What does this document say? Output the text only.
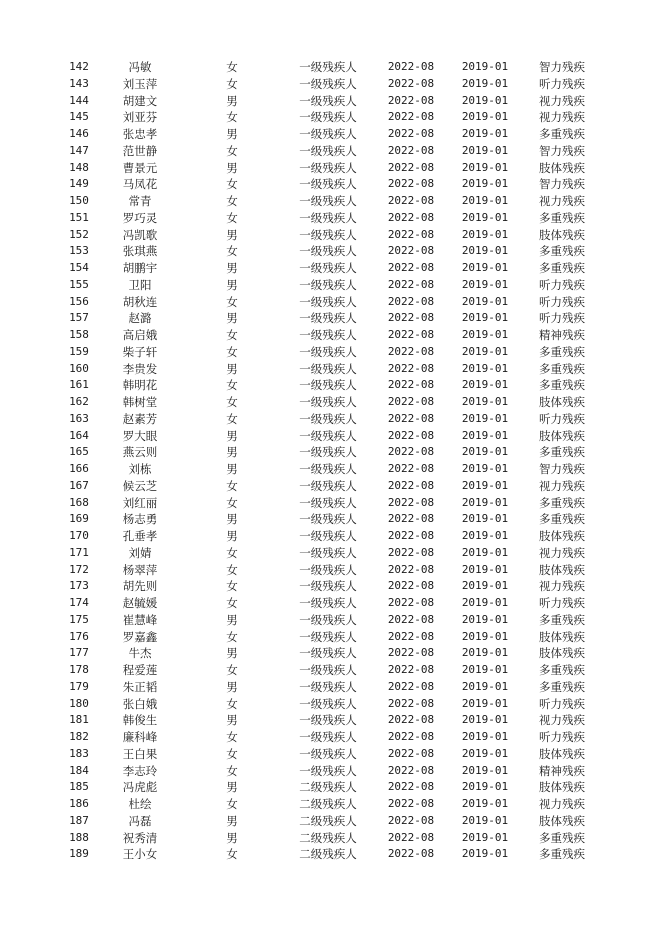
142	冯敏	女	一级残疾人	2022-08	2019-01	智力残疾
143	刘玉萍	女	一级残疾人	2022-08	2019-01	听力残疾
144	胡建文	男	一级残疾人	2022-08	2019-01	视力残疾
145	刘亚芬	女	一级残疾人	2022-08	2019-01	视力残疾
146	张忠孝	男	一级残疾人	2022-08	2019-01	多重残疾
147	范世静	女	一级残疾人	2022-08	2019-01	智力残疾
148	曹景元	男	一级残疾人	2022-08	2019-01	肢体残疾
149	马凤花	女	一级残疾人	2022-08	2019-01	智力残疾
150	常青	女	一级残疾人	2022-08	2019-01	视力残疾
151	罗巧灵	女	一级残疾人	2022-08	2019-01	多重残疾
152	冯凯歌	男	一级残疾人	2022-08	2019-01	肢体残疾
153	张琪燕	女	一级残疾人	2022-08	2019-01	多重残疾
154	胡鹏宇	男	一级残疾人	2022-08	2019-01	多重残疾
155	卫阳	男	一级残疾人	2022-08	2019-01	听力残疾
156	胡秋连	女	一级残疾人	2022-08	2019-01	听力残疾
157	赵潞	男	一级残疾人	2022-08	2019-01	听力残疾
158	高启娥	女	一级残疾人	2022-08	2019-01	精神残疾
159	柴子轩	女	一级残疾人	2022-08	2019-01	多重残疾
160	李贵发	男	一级残疾人	2022-08	2019-01	多重残疾
161	韩明花	女	一级残疾人	2022-08	2019-01	多重残疾
162	韩树堂	女	一级残疾人	2022-08	2019-01	肢体残疾
163	赵素芳	女	一级残疾人	2022-08	2019-01	听力残疾
164	罗大眼	男	一级残疾人	2022-08	2019-01	肢体残疾
165	燕云则	男	一级残疾人	2022-08	2019-01	多重残疾
166	刘栋	男	一级残疾人	2022-08	2019-01	智力残疾
167	候云芝	女	一级残疾人	2022-08	2019-01	视力残疾
168	刘红丽	女	一级残疾人	2022-08	2019-01	多重残疾
169	杨志勇	男	一级残疾人	2022-08	2019-01	多重残疾
170	孔垂孝	男	一级残疾人	2022-08	2019-01	肢体残疾
171	刘婧	女	一级残疾人	2022-08	2019-01	视力残疾
172	杨翠萍	女	一级残疾人	2022-08	2019-01	肢体残疾
173	胡先则	女	一级残疾人	2022-08	2019-01	视力残疾
174	赵毓媛	女	一级残疾人	2022-08	2019-01	听力残疾
175	崔慧峰	男	一级残疾人	2022-08	2019-01	多重残疾
176	罗嘉鑫	女	一级残疾人	2022-08	2019-01	肢体残疾
177	牛杰	男	一级残疾人	2022-08	2019-01	肢体残疾
178	程爱莲	女	一级残疾人	2022-08	2019-01	多重残疾
179	朱正韬	男	一级残疾人	2022-08	2019-01	多重残疾
180	张白娥	女	一级残疾人	2022-08	2019-01	听力残疾
181	韩俊生	男	一级残疾人	2022-08	2019-01	视力残疾
182	廉科峰	女	一级残疾人	2022-08	2019-01	听力残疾
183	王白果	女	一级残疾人	2022-08	2019-01	肢体残疾
184	李志玲	女	一级残疾人	2022-08	2019-01	精神残疾
185	冯虎彪	男	二级残疾人	2022-08	2019-01	肢体残疾
186	杜绘	女	二级残疾人	2022-08	2019-01	视力残疾
187	冯磊	男	二级残疾人	2022-08	2019-01	肢体残疾
188	祝秀清	男	二级残疾人	2022-08	2019-01	多重残疾
189	王小女	女	二级残疾人	2022-08	2019-01	多重残疾
